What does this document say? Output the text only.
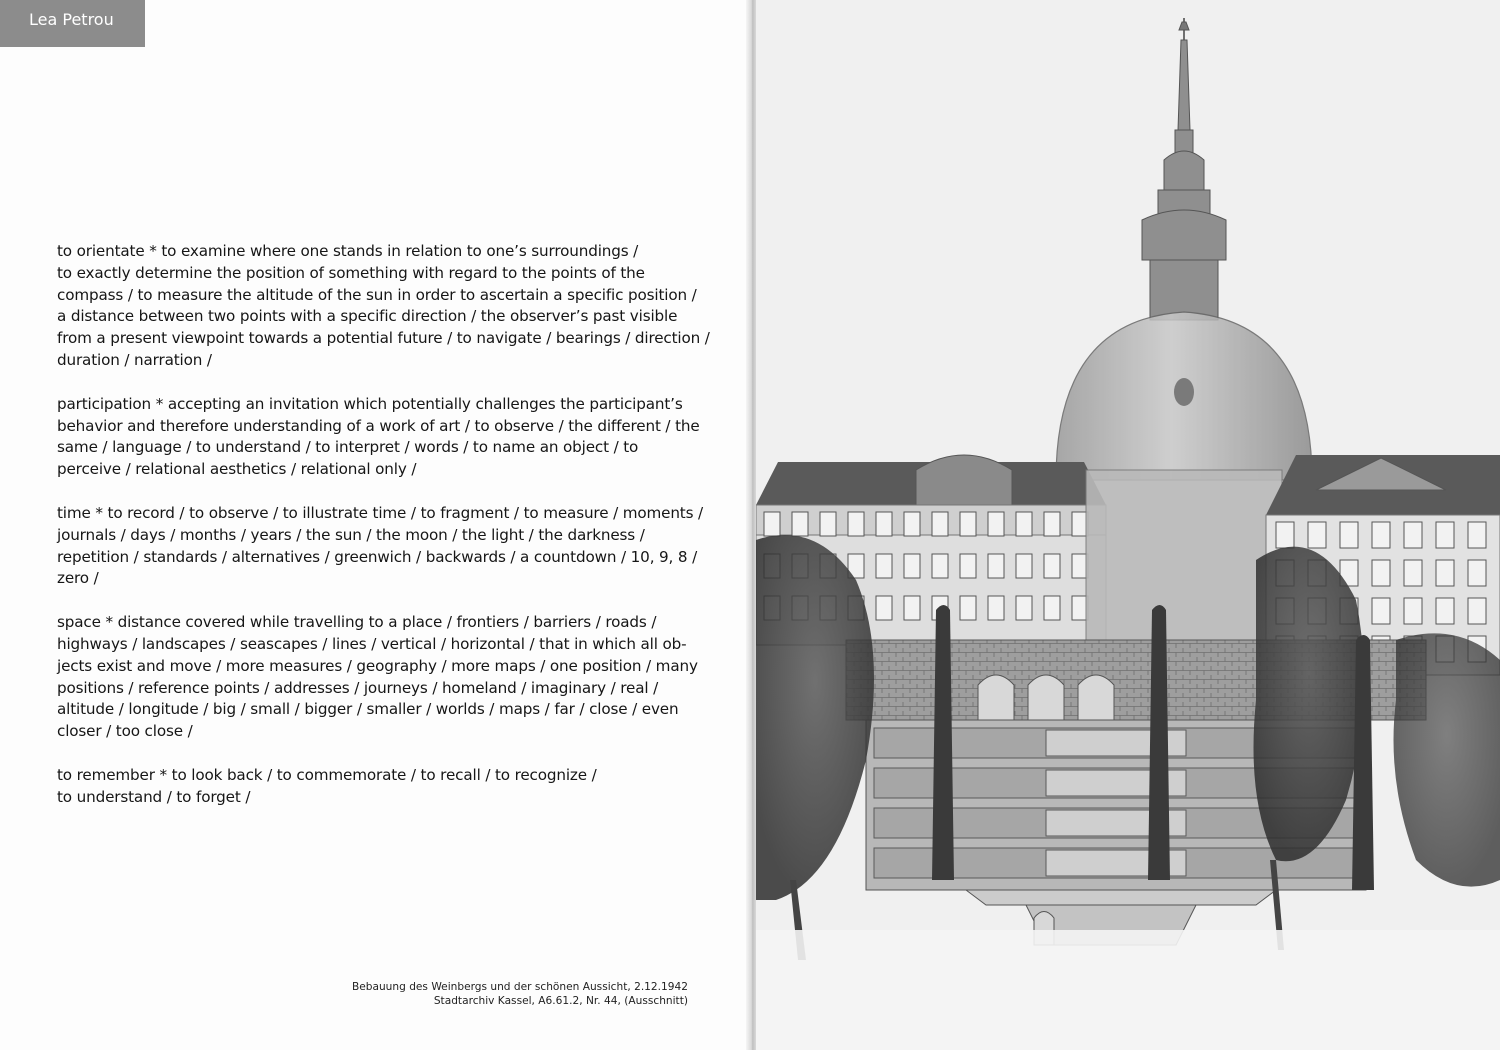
Lea Petrou
to orientate * to examine where one stands in relation to one’s surroundings /
to exactly determine the position of something with regard to the points of the
compass / to measure the altitude of the sun in order to ascertain a specific position /
a distance between two points with a specific direction / the observer’s past visible
from a present viewpoint towards a potential future / to navigate / bearings / direction /
duration / narration /
participation * accepting an invitation which potentially challenges the participant’s
behavior and therefore understanding of a work of art / to observe / the different / the
same / language / to understand / to interpret / words / to name an object / to
perceive / relational aesthetics / relational only /
time * to record / to observe / to illustrate time / to fragment / to measure / moments /
journals / days / months / years / the sun / the moon / the light / the darkness /
repetition / standards / alternatives / greenwich / backwards / a countdown / 10, 9, 8 /
zero /
space * distance covered while travelling to a place / frontiers / barriers / roads /
highways / landscapes / seascapes / lines / vertical / horizontal / that in which all ob-
jects exist and move / more measures / geography / more maps / one position / many
positions / reference points / addresses / journeys / homeland / imaginary / real /
altitude / longitude / big / small / bigger / smaller / worlds / maps / far / close / even
closer / too close /
to remember * to look back / to commemorate / to recall / to recognize /
to understand / to forget /
Bebauung des Weinbergs und der schönen Aussicht, 2.12.1942
Stadtarchiv Kassel, A6.61.2, Nr. 44, (Ausschnitt)
